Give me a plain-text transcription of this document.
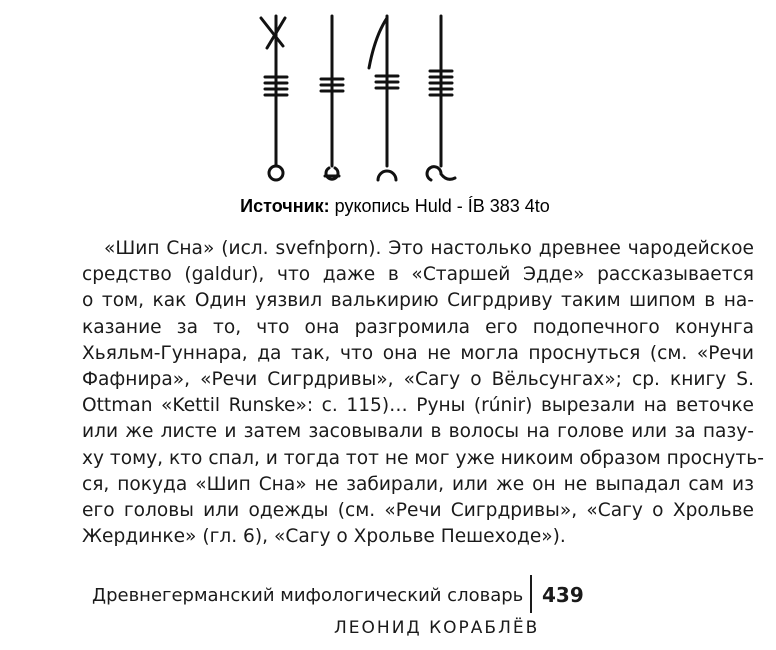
Источник: рукопись Huld - ÍB 383 4to
«Шип Сна» (исл. svefnþorn). Это настолько древнее чародейское
средство (galdur), что даже в «Старшей Эдде» рассказывается
о том, как Один уязвил валькирию Сигрдриву таким шипом в на-
казание за то, что она разгромила его подопечного конунга
Хьяльм-Гуннара, да так, что она не могла проснуться (см. «Речи
Фафнира», «Речи Сигрдривы», «Сагу о Вёльсунгах»; ср. книгу S.
Ottman «Kettil Runske»: с. 115)… Руны (rúnir) вырезали на веточке
или же листе и затем засовывали в волосы на голове или за пазу-
ху тому, кто спал, и тогда тот не мог уже никоим образом проснуть-
ся, покуда «Шип Сна» не забирали, или же он не выпадал сам из
его головы или одежды (см. «Речи Сигрдривы», «Сагу о Хрольве
Жердинке» (гл. 6), «Сагу о Хрольве Пешеходе»).
Древнегерманский мифологический словарь 439
ЛЕОНИД КОРАБЛЁВ
